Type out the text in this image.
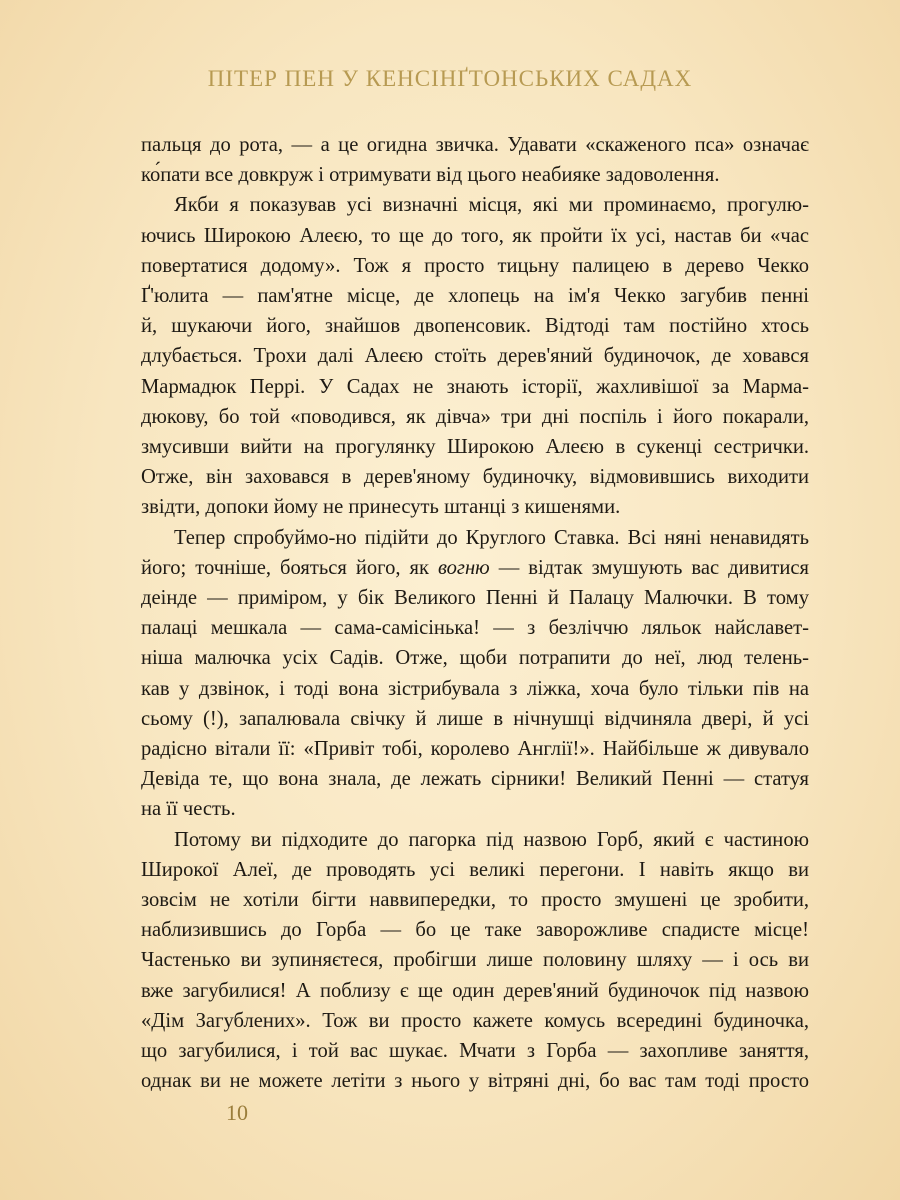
ПІТЕР ПЕН У КЕНСІНҐТОНСЬКИХ САДАХ

пальця до рота, — а це огидна звичка. Удавати «скаженого пса» означає

ко́пати все довкруж і отримувати від цього неабияке задоволення.

Якби я показував усі визначні місця, які ми проминаємо, прогулю-

ючись Широкою Алеєю, то ще до того, як пройти їх усі, настав би «час

повертатися додому». Тож я просто тицьну палицею в дерево Чекко

Ґ'юлита — пам'ятне місце, де хлопець на ім'я Чекко загубив пенні

й, шукаючи його, знайшов двопенсовик. Відтоді там постійно хтось

длубається. Трохи далі Алеєю стоїть дерев'яний будиночок, де ховався

Мармадюк Перрі. У Садах не знають історії, жахливішої за Марма-

дюкову, бо той «поводився, як дівча» три дні поспіль і його покарали,

змусивши вийти на прогулянку Широкою Алеєю в сукенці сестрички.

Отже, він заховався в дерев'яному будиночку, відмовившись виходити

звідти, допоки йому не принесуть штанці з кишенями.

Тепер спробуймо-но підійти до Круглого Ставка. Всі няні ненавидять

його; точніше, бояться його, як вогню — відтак змушують вас дивитися

деінде — приміром, у бік Великого Пенні й Палацу Малючки. В тому

палаці мешкала — сама-самісінька! — з безліччю ляльок найславет-

ніша малючка усіх Садів. Отже, щоби потрапити до неї, люд телень-

кав у дзвінок, і тоді вона зістрибувала з ліжка, хоча було тільки пів на

сьому (!), запалювала свічку й лише в нічнушці відчиняла двері, й усі

радісно вітали її: «Привіт тобі, королево Англії!». Найбільше ж дивувало

Девіда те, що вона знала, де лежать сірники! Великий Пенні — статуя

на її честь.

Потому ви підходите до пагорка під назвою Горб, який є частиною

Широкої Алеї, де проводять усі великі перегони. І навіть якщо ви

зовсім не хотіли бігти наввипередки, то просто змушені це зробити,

наблизившись до Горба — бо це таке заворожливе спадисте місце!

Частенько ви зупиняєтеся, пробігши лише половину шляху — і ось ви

вже загубилися! А поблизу є ще один дерев'яний будиночок під назвою

«Дім Загублених». Тож ви просто кажете комусь всередині будиночка,

що загубилися, і той вас шукає. Мчати з Горба — захопливе заняття,

однак ви не можете летіти з нього у вітряні дні, бо вас там тоді просто

10
